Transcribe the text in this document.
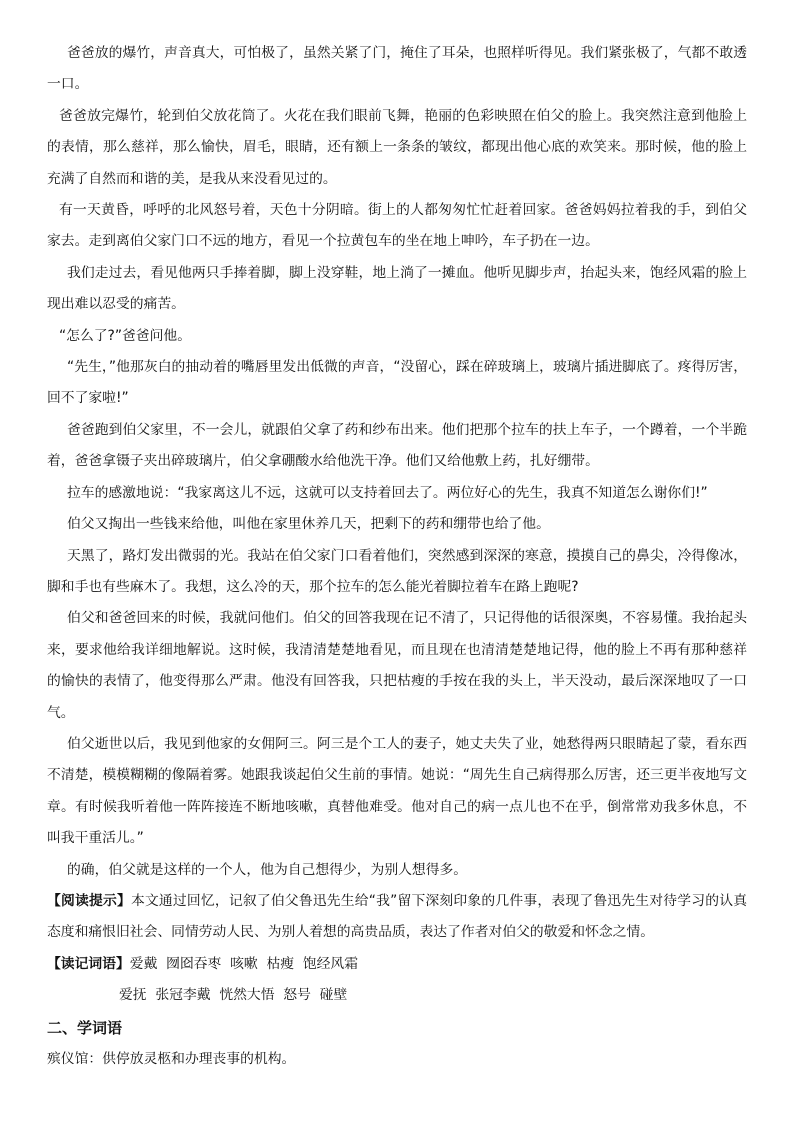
爸爸放的爆竹，声音真大，可怕极了，虽然关紧了门，掩住了耳朵，也照样听得见。我们紧张极了，气都不敢透一口。

爸爸放完爆竹，轮到伯父放花筒了。火花在我们眼前飞舞，艳丽的色彩映照在伯父的脸上。我突然注意到他脸上的表情，那么慈祥，那么愉快，眉毛，眼睛，还有额上一条条的皱纹，都现出他心底的欢笑来。那时候，他的脸上充满了自然而和谐的美，是我从来没看见过的。

有一天黄昏，呼呼的北风怒号着，天色十分阴暗。街上的人都匆匆忙忙赶着回家。爸爸妈妈拉着我的手，到伯父家去。走到离伯父家门口不远的地方，看见一个拉黄包车的坐在地上呻吟，车子扔在一边。

我们走过去，看见他两只手捧着脚，脚上没穿鞋，地上淌了一摊血。他听见脚步声，抬起头来，饱经风霜的脸上现出难以忍受的痛苦。

“怎么了?”爸爸问他。

“先生，”他那灰白的抽动着的嘴唇里发出低微的声音，“没留心，踩在碎玻璃上，玻璃片插进脚底了。疼得厉害，回不了家啦!”

爸爸跑到伯父家里，不一会儿，就跟伯父拿了药和纱布出来。他们把那个拉车的扶上车子，一个蹲着，一个半跪着，爸爸拿镊子夹出碎玻璃片，伯父拿硼酸水给他洗干净。他们又给他敷上药，扎好绷带。

拉车的感激地说：“我家离这儿不远，这就可以支持着回去了。两位好心的先生，我真不知道怎么谢你们!”

伯父又掏出一些钱来给他，叫他在家里休养几天，把剩下的药和绷带也给了他。

天黑了，路灯发出微弱的光。我站在伯父家门口看着他们，突然感到深深的寒意，摸摸自己的鼻尖，冷得像冰，脚和手也有些麻木了。我想，这么冷的天，那个拉车的怎么能光着脚拉着车在路上跑呢?

伯父和爸爸回来的时候，我就问他们。伯父的回答我现在记不清了，只记得他的话很深奥，不容易懂。我抬起头来，要求他给我详细地解说。这时候，我清清楚楚地看见，而且现在也清清楚楚地记得，他的脸上不再有那种慈祥的愉快的表情了，他变得那么严肃。他没有回答我，只把枯瘦的手按在我的头上，半天没动，最后深深地叹了一口气。

伯父逝世以后，我见到他家的女佣阿三。阿三是个工人的妻子，她丈夫失了业，她愁得两只眼睛起了蒙，看东西不清楚，模模糊糊的像隔着雾。她跟我谈起伯父生前的事情。她说：“周先生自己病得那么厉害，还三更半夜地写文章。有时候我听着他一阵阵接连不断地咳嗽，真替他难受。他对自己的病一点儿也不在乎，倒常常劝我多休息，不叫我干重活儿。”

的确，伯父就是这样的一个人，他为自己想得少，为别人想得多。

【阅读提示】本文通过回忆，记叙了伯父鲁迅先生给“我”留下深刻印象的几件事，表现了鲁迅先生对待学习的认真态度和痛恨旧社会、同情劳动人民、为别人着想的高贵品质，表达了作者对伯父的敬爱和怀念之情。

【读记词语】爱戴  囫囵吞枣  咳嗽  枯瘦  饱经风霜

爱抚  张冠李戴  恍然大悟  怒号  碰壁

二、学词语

殡仪馆：供停放灵柩和办理丧事的机构。
